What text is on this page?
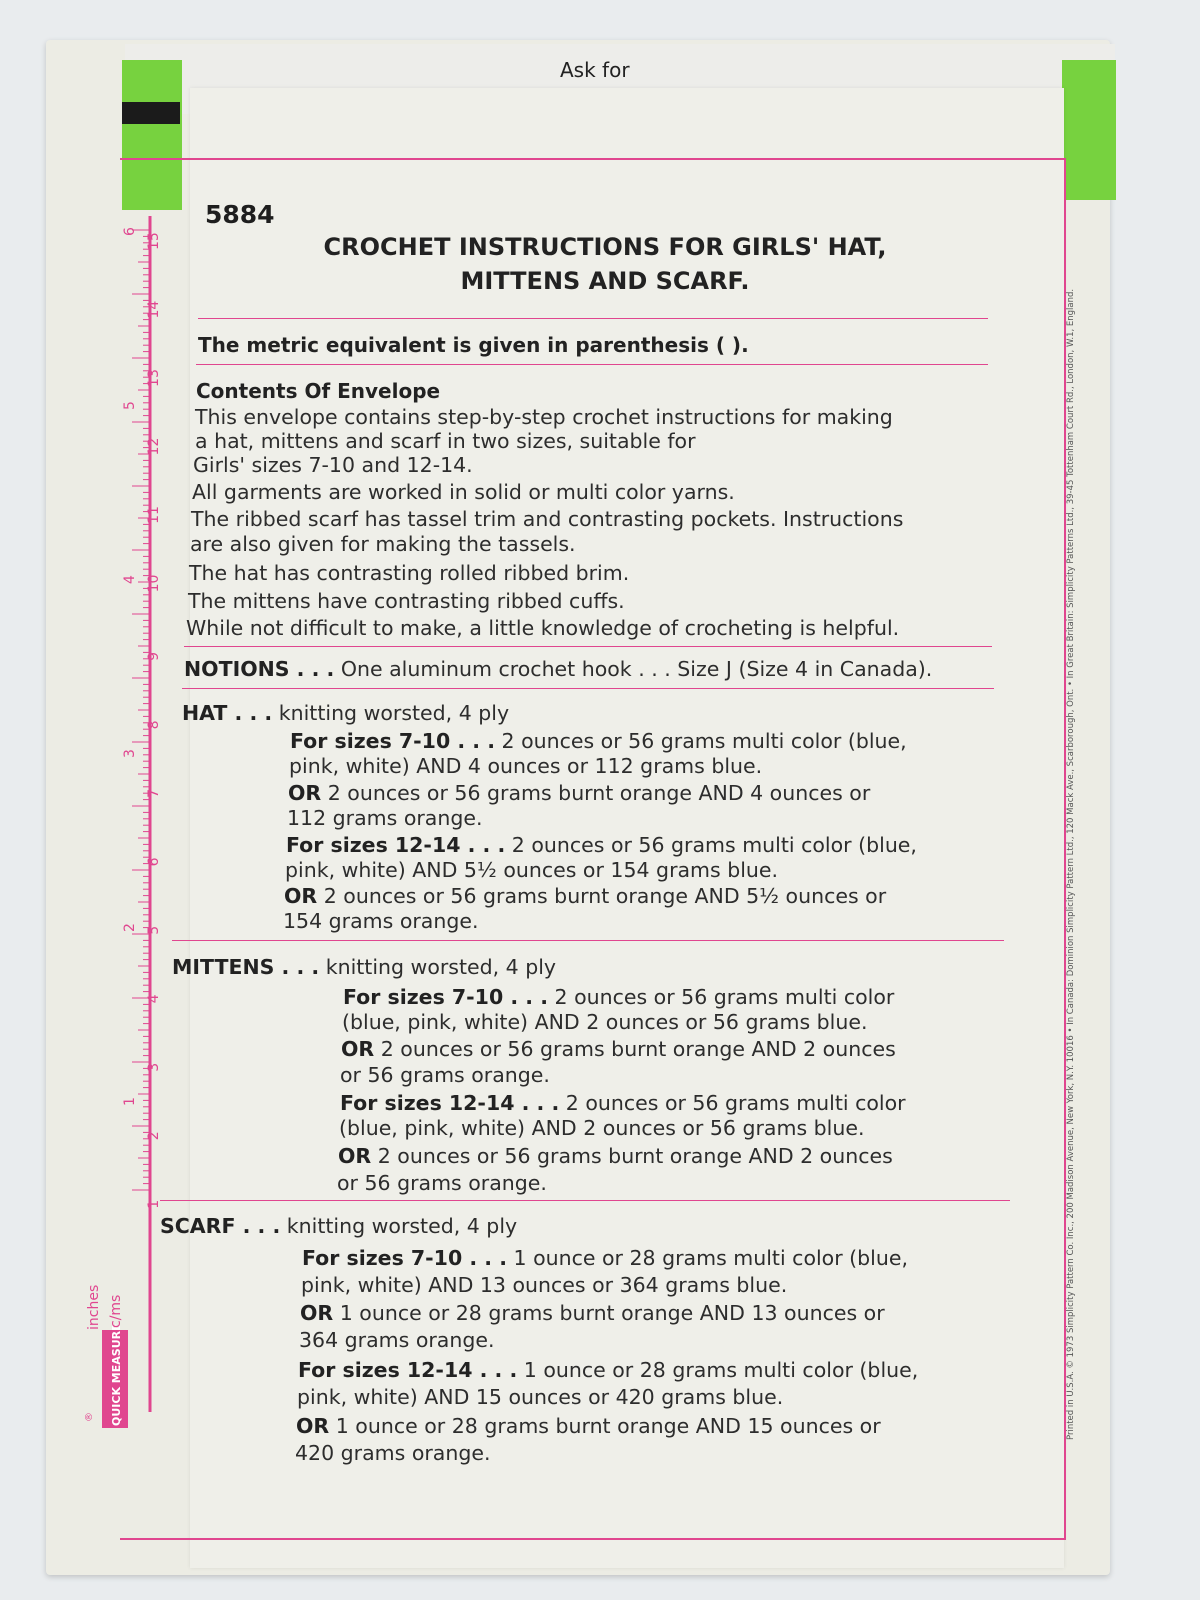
Ask for
15
14
13
12
11
10
9
8
7
6
5
4
3
2
1
6
5
4
3
2
1
QUICK MEASURE
inches c/ms
®
5884
CROCHET INSTRUCTIONS FOR GIRLS' HAT,
MITTENS AND SCARF.
The metric equivalent is given in parenthesis ( ).
Contents Of Envelope
This envelope contains step-by-step crochet instructions for making
a hat, mittens and scarf in two sizes, suitable for
Girls' sizes 7-10 and 12-14.
All garments are worked in solid or multi color yarns.
The ribbed scarf has tassel trim and contrasting pockets. Instructions
are also given for making the tassels.
The hat has contrasting rolled ribbed brim.
The mittens have contrasting ribbed cuffs.
While not difficult to make, a little knowledge of crocheting is helpful.
NOTIONS . . . One aluminum crochet hook . . . Size J (Size 4 in Canada).
HAT . . . knitting worsted, 4 ply
For sizes 7-10 . . . 2 ounces or 56 grams multi color (blue,
pink, white) AND 4 ounces or 112 grams blue.
OR 2 ounces or 56 grams burnt orange AND 4 ounces or
112 grams orange.
For sizes 12-14 . . . 2 ounces or 56 grams multi color (blue,
pink, white) AND 5½ ounces or 154 grams blue.
OR 2 ounces or 56 grams burnt orange AND 5½ ounces or
154 grams orange.
MITTENS . . . knitting worsted, 4 ply
For sizes 7-10 . . . 2 ounces or 56 grams multi color
(blue, pink, white) AND 2 ounces or 56 grams blue.
OR 2 ounces or 56 grams burnt orange AND 2 ounces
or 56 grams orange.
For sizes 12-14 . . . 2 ounces or 56 grams multi color
(blue, pink, white) AND 2 ounces or 56 grams blue.
OR 2 ounces or 56 grams burnt orange AND 2 ounces
or 56 grams orange.
SCARF . . . knitting worsted, 4 ply
For sizes 7-10 . . . 1 ounce or 28 grams multi color (blue,
pink, white) AND 13 ounces or 364 grams blue.
OR 1 ounce or 28 grams burnt orange AND 13 ounces or
364 grams orange.
For sizes 12-14 . . . 1 ounce or 28 grams multi color (blue,
pink, white) AND 15 ounces or 420 grams blue.
OR 1 ounce or 28 grams burnt orange AND 15 ounces or
420 grams orange.
Printed in U.S.A. © 1973 Simplicity Pattern Co. Inc., 200 Madison Avenue, New York, N.Y. 10016 • In Canada: Dominion Simplicity Pattern Ltd., 120 Mack Ave., Scarborough, Ont. • In Great Britain: Simplicity Patterns Ltd., 39-45 Tottenham Court Rd., London, W.1, England.
